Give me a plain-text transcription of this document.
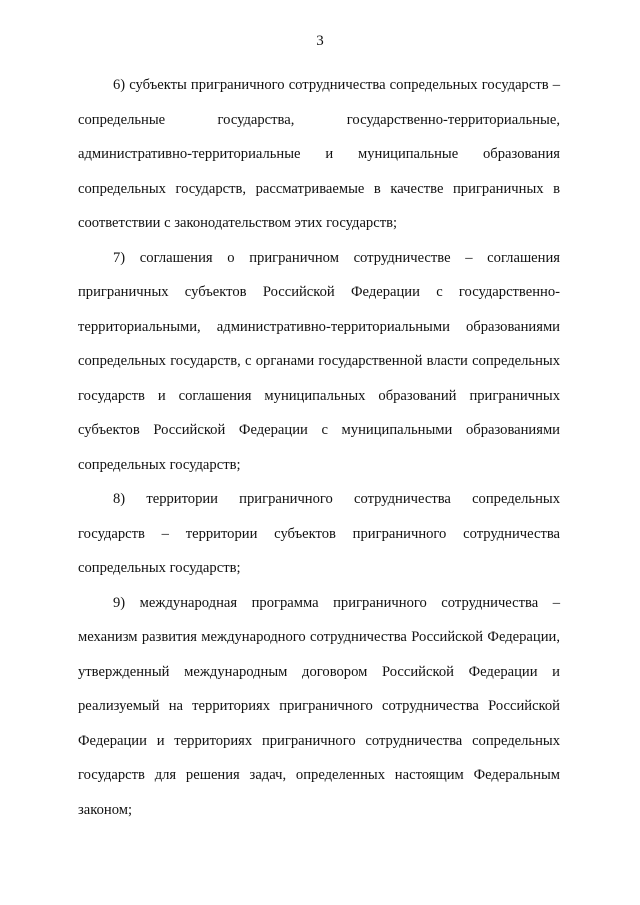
3

6) субъекты приграничного сотрудничества сопредельных государств – сопредельные государства, государственно-территориальные, административно-территориальные и муниципальные образования сопредельных государств, рассматриваемые в качестве приграничных в соответствии с законодательством этих государств;

7) соглашения о приграничном сотрудничестве – соглашения приграничных субъектов Российской Федерации с государственно-территориальными, административно-территориальными образованиями сопредельных государств, с органами государственной власти сопредельных государств и соглашения муниципальных образований приграничных субъектов Российской Федерации с муниципальными образованиями сопредельных государств;

8) территории приграничного сотрудничества сопредельных государств – территории субъектов приграничного сотрудничества сопредельных государств;

9) международная программа приграничного сотрудничества – механизм развития международного сотрудничества Российской Федерации, утвержденный международным договором Российской Федерации и реализуемый на территориях приграничного сотрудничества Российской Федерации и территориях приграничного сотрудничества сопредельных государств для решения задач, определенных настоящим Федеральным законом;
